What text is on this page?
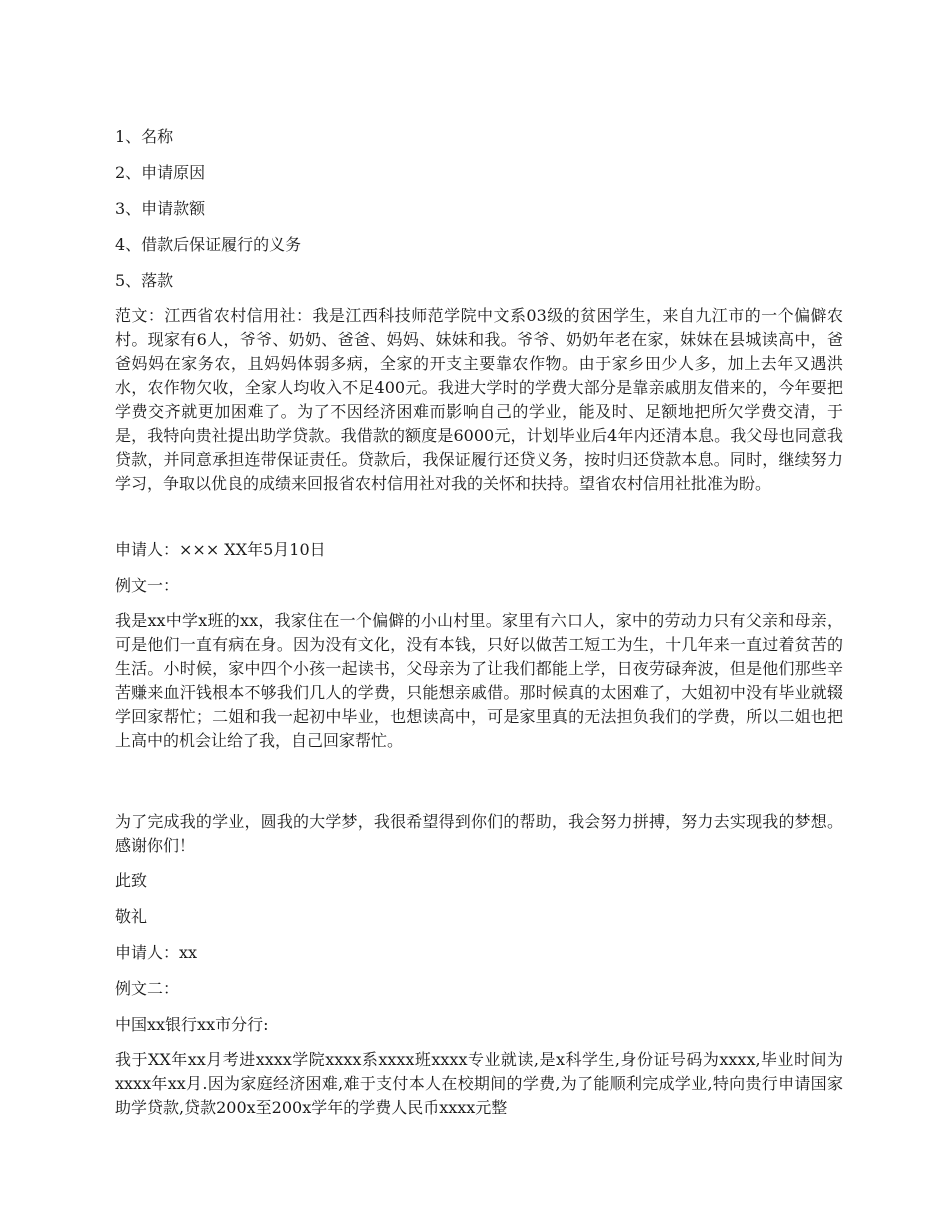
1、名称

2、申请原因

3、申请款额

4、借款后保证履行的义务

5、落款

范文：江西省农村信用社：我是江西科技师范学院中文系03级的贫困学生，来自九江市的一个偏僻农村。现家有6人，爷爷、奶奶、爸爸、妈妈、妹妹和我。爷爷、奶奶年老在家，妹妹在县城读高中，爸爸妈妈在家务农，且妈妈体弱多病，全家的开支主要靠农作物。由于家乡田少人多，加上去年又遇洪水，农作物欠收，全家人均收入不足400元。我进大学时的学费大部分是靠亲戚朋友借来的，今年要把学费交齐就更加困难了。为了不因经济困难而影响自己的学业，能及时、足额地把所欠学费交清，于是，我特向贵社提出助学贷款。我借款的额度是6000元，计划毕业后4年内还清本息。我父母也同意我贷款，并同意承担连带保证责任。贷款后，我保证履行还贷义务，按时归还贷款本息。同时，继续努力学习，争取以优良的成绩来回报省农村信用社对我的关怀和扶持。望省农村信用社批准为盼。

申请人：××× XX年5月10日

例文一：

我是xx中学x班的xx，我家住在一个偏僻的小山村里。家里有六口人，家中的劳动力只有父亲和母亲，可是他们一直有病在身。因为没有文化，没有本钱，只好以做苦工短工为生，十几年来一直过着贫苦的生活。小时候，家中四个小孩一起读书，父母亲为了让我们都能上学，日夜劳碌奔波，但是他们那些辛苦赚来血汗钱根本不够我们几人的学费，只能想亲戚借。那时候真的太困难了，大姐初中没有毕业就辍学回家帮忙；二姐和我一起初中毕业，也想读高中，可是家里真的无法担负我们的学费，所以二姐也把上高中的机会让给了我，自己回家帮忙。

为了完成我的学业，圆我的大学梦，我很希望得到你们的帮助，我会努力拼搏，努力去实现我的梦想。感谢你们！

此致

敬礼

申请人：xx

例文二：

中国xx银行xx市分行:

我于XX年xx月考进xxxx学院xxxx系xxxx班xxxx专业就读,是x科学生,身份证号码为xxxx,毕业时间为xxxx年xx月.因为家庭经济困难,难于支付本人在校期间的学费,为了能顺利完成学业,特向贵行申请国家助学贷款,贷款200x至200x学年的学费人民币xxxx元整
